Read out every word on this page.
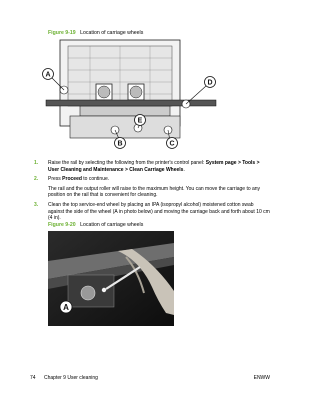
Figure 9-19 Location of carriage wheels
A
B	C
D
E
1. Raise the rail by selecting the following from the printer's control panel: System page > Tools > User Cleaning and Maintenance > Clean Carriage Wheels.

2. Press Proceed to continue.

The rail and the output roller will raise to the maximum height. You can move the carriage to any position on the rail that is convenient for cleaning.

3. Clean the top service-end wheel by placing an IPA (isopropyl alcohol) moistened cotton swab against the side of the wheel (A in photo below) and moving the carriage back and forth about 10 cm (4 in).

Figure 9-20 Location of carriage wheels
A
74 Chapter 9 User cleaning	ENWW
